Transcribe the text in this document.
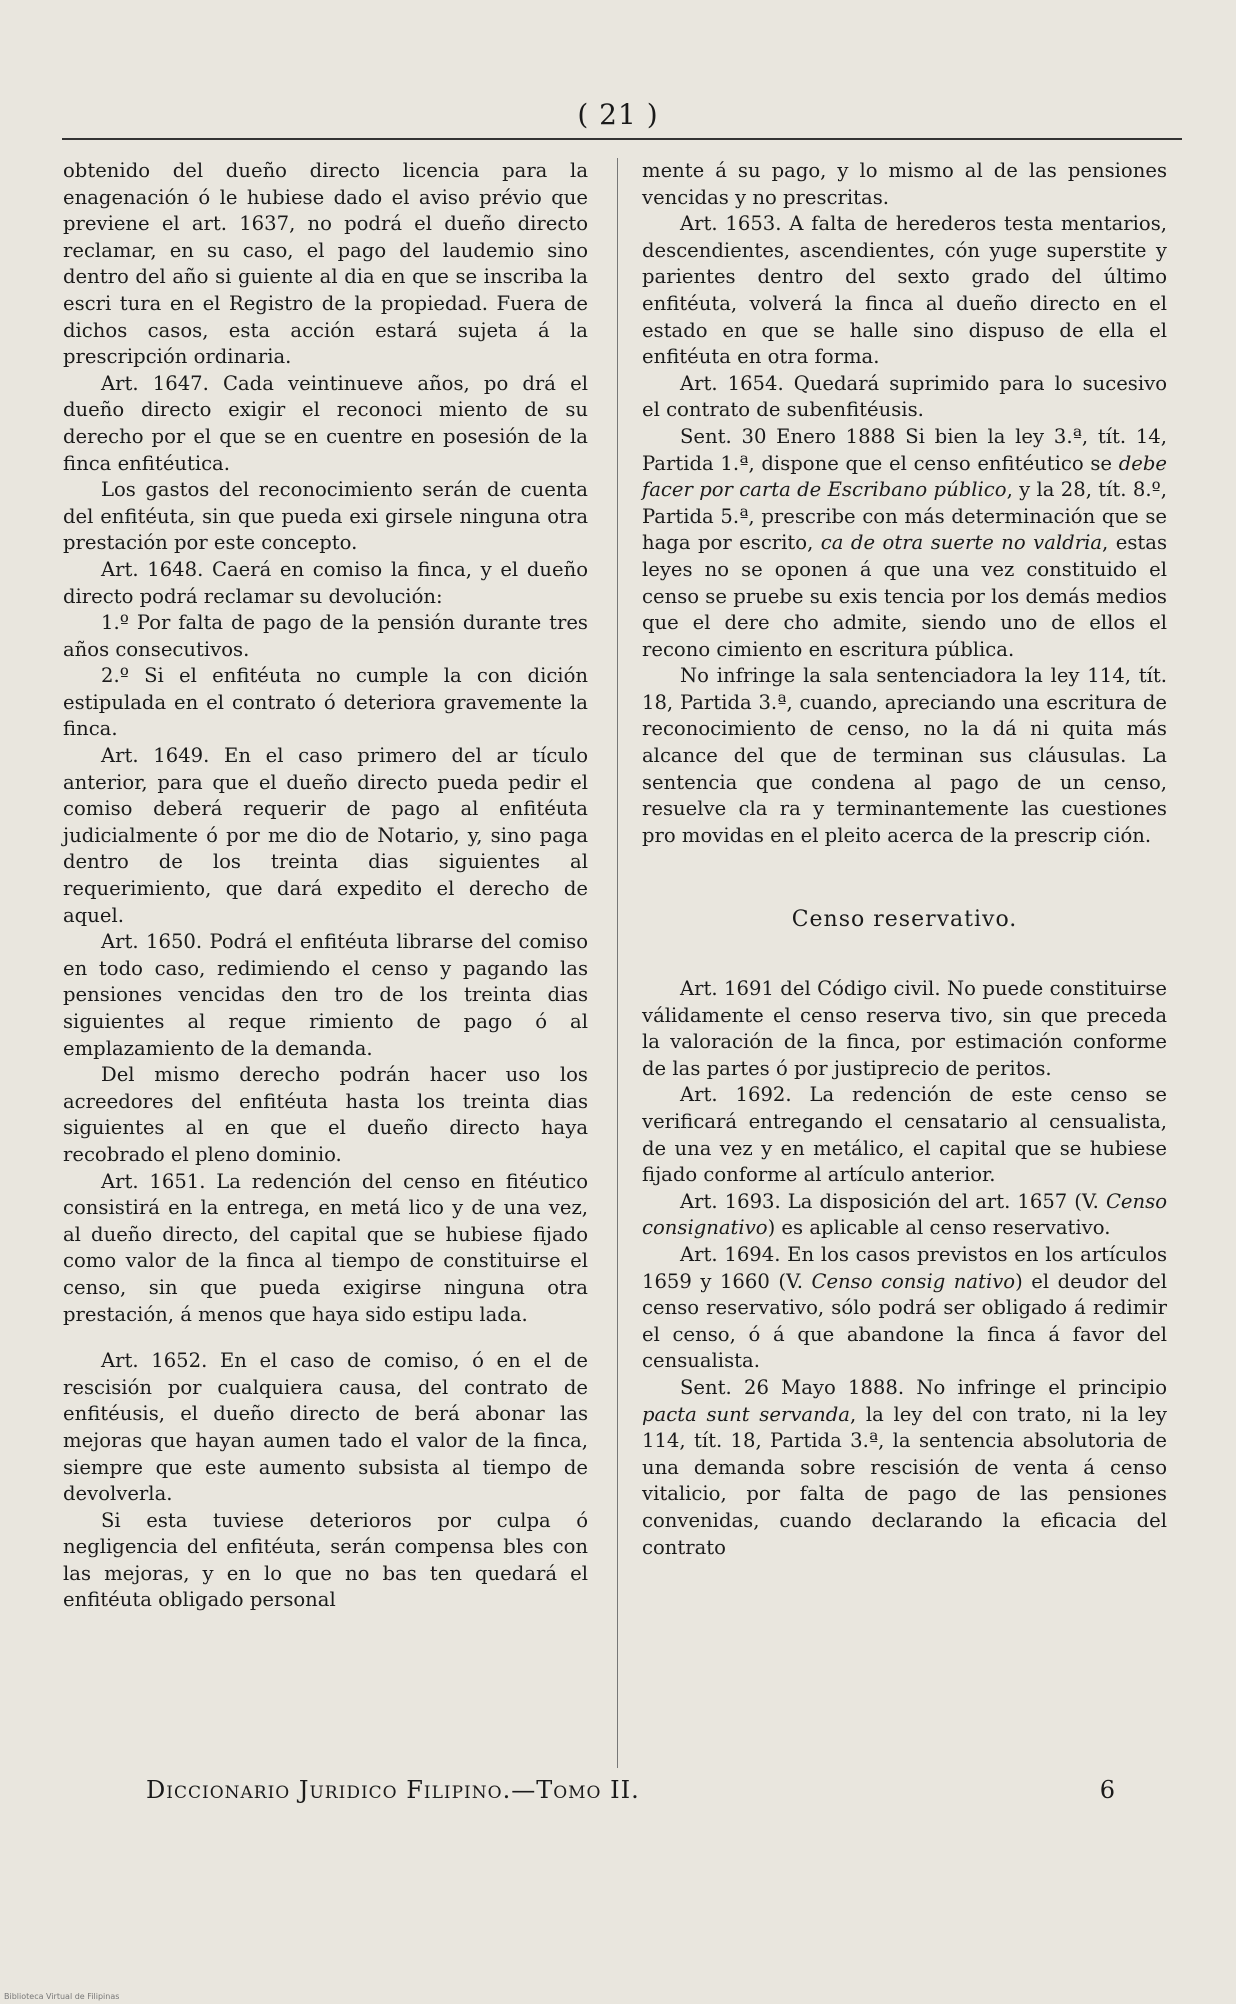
( 21 )

obtenido del dueño directo licencia para la enagenación ó le hubiese dado el aviso prévio que previene el art. 1637, no podrá el dueño directo reclamar, en su caso, el pago del laudemio sino dentro del año si guiente al dia en que se inscriba la escri tura en el Registro de la propiedad. Fuera de dichos casos, esta acción estará sujeta á la prescripción ordinaria.

Art. 1647. Cada veintinueve años, po drá el dueño directo exigir el reconoci miento de su derecho por el que se en cuentre en posesión de la finca enfitéutica.

Los gastos del reconocimiento serán de cuenta del enfitéuta, sin que pueda exi girsele ninguna otra prestación por este concepto.

Art. 1648. Caerá en comiso la finca, y el dueño directo podrá reclamar su devolución:

1.º Por falta de pago de la pensión durante tres años consecutivos.

2.º Si el enfitéuta no cumple la con dición estipulada en el contrato ó deteriora gravemente la finca.

Art. 1649. En el caso primero del ar tículo anterior, para que el dueño directo pueda pedir el comiso deberá requerir de pago al enfitéuta judicialmente ó por me dio de Notario, y, sino paga dentro de los treinta dias siguientes al requerimiento, que dará expedito el derecho de aquel.

Art. 1650. Podrá el enfitéuta librarse del comiso en todo caso, redimiendo el censo y pagando las pensiones vencidas den tro de los treinta dias siguientes al reque rimiento de pago ó al emplazamiento de la demanda.

Del mismo derecho podrán hacer uso los acreedores del enfitéuta hasta los treinta dias siguientes al en que el dueño directo haya recobrado el pleno dominio.

Art. 1651. La redención del censo en fitéutico consistirá en la entrega, en metá lico y de una vez, al dueño directo, del capital que se hubiese fijado como valor de la finca al tiempo de constituirse el censo, sin que pueda exigirse ninguna otra prestación, á menos que haya sido estipu lada.

Art. 1652. En el caso de comiso, ó en el de rescisión por cualquiera causa, del contrato de enfitéusis, el dueño directo de berá abonar las mejoras que hayan aumen tado el valor de la finca, siempre que este aumento subsista al tiempo de devolverla.

Si esta tuviese deterioros por culpa ó negligencia del enfitéuta, serán compensa bles con las mejoras, y en lo que no bas ten quedará el enfitéuta obligado personal

mente á su pago, y lo mismo al de las pensiones vencidas y no prescritas.

Art. 1653. A falta de herederos testa mentarios, descendientes, ascendientes, cón yuge superstite y parientes dentro del sexto grado del último enfitéuta, volverá la finca al dueño directo en el estado en que se halle sino dispuso de ella el enfitéuta en otra forma.

Art. 1654. Quedará suprimido para lo sucesivo el contrato de subenfitéusis.

Sent. 30 Enero 1888 Si bien la ley 3.ª, tít. 14, Partida 1.ª, dispone que el censo enfitéutico se debe facer por carta de Escribano público, y la 28, tít. 8.º, Partida 5.ª, prescribe con más determinación que se haga por escrito, ca de otra suerte no valdria, estas leyes no se oponen á que una vez constituido el censo se pruebe su exis tencia por los demás medios que el dere cho admite, siendo uno de ellos el recono cimiento en escritura pública.

No infringe la sala sentenciadora la ley 114, tít. 18, Partida 3.ª, cuando, apreciando una escritura de reconocimiento de censo, no la dá ni quita más alcance del que de terminan sus cláusulas. La sentencia que condena al pago de un censo, resuelve cla ra y terminantemente las cuestiones pro movidas en el pleito acerca de la prescrip ción.

Censo reservativo.

Art. 1691 del Código civil. No puede constituirse válidamente el censo reserva tivo, sin que preceda la valoración de la finca, por estimación conforme de las partes ó por justiprecio de peritos.

Art. 1692. La redención de este censo se verificará entregando el censatario al censualista, de una vez y en metálico, el capital que se hubiese fijado conforme al artículo anterior.

Art. 1693. La disposición del art. 1657 (V. Censo consignativo) es aplicable al censo reservativo.

Art. 1694. En los casos previstos en los artículos 1659 y 1660 (V. Censo consig nativo) el deudor del censo reservativo, sólo podrá ser obligado á redimir el censo, ó á que abandone la finca á favor del censualista.

Sent. 26 Mayo 1888. No infringe el principio pacta sunt servanda, la ley del con trato, ni la ley 114, tít. 18, Partida 3.ª, la sentencia absolutoria de una demanda sobre rescisión de venta á censo vitalicio, por falta de pago de las pensiones convenidas, cuando declarando la eficacia del contrato

Diccionario Juridico Filipino.—Tomo II.	6
Biblioteca Virtual de Filipinas
